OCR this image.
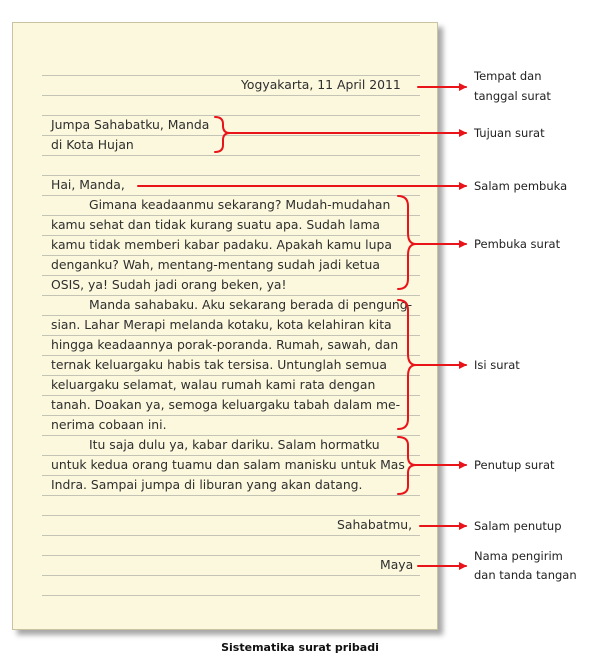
Yogyakarta, 11 April 2011
Jumpa Sahabatku, Manda
di Kota Hujan
Hai, Manda,
Gimana keadaanmu sekarang? Mudah-mudahan
kamu sehat dan tidak kurang suatu apa. Sudah lama
kamu tidak memberi kabar padaku. Apakah kamu lupa
denganku? Wah, mentang-mentang sudah jadi ketua
OSIS, ya! Sudah jadi orang beken, ya!
Manda sahabaku. Aku sekarang berada di pengung-
sian. Lahar Merapi melanda kotaku, kota kelahiran kita
hingga keadaannya porak-poranda. Rumah, sawah, dan
ternak keluargaku habis tak tersisa. Untunglah semua
keluargaku selamat, walau rumah kami rata dengan
tanah. Doakan ya, semoga keluargaku tabah dalam me-
nerima cobaan ini.
Itu saja dulu ya, kabar dariku. Salam hormatku
untuk kedua orang tuamu dan salam manisku untuk Mas
Indra. Sampai jumpa di liburan yang akan datang.
Sahabatmu,
Maya
Tempat dan
tanggal surat
Tujuan surat
Salam pembuka
Pembuka surat
Isi surat
Penutup surat
Salam penutup
Nama pengirim
dan tanda tangan
Sistematika surat pribadi
